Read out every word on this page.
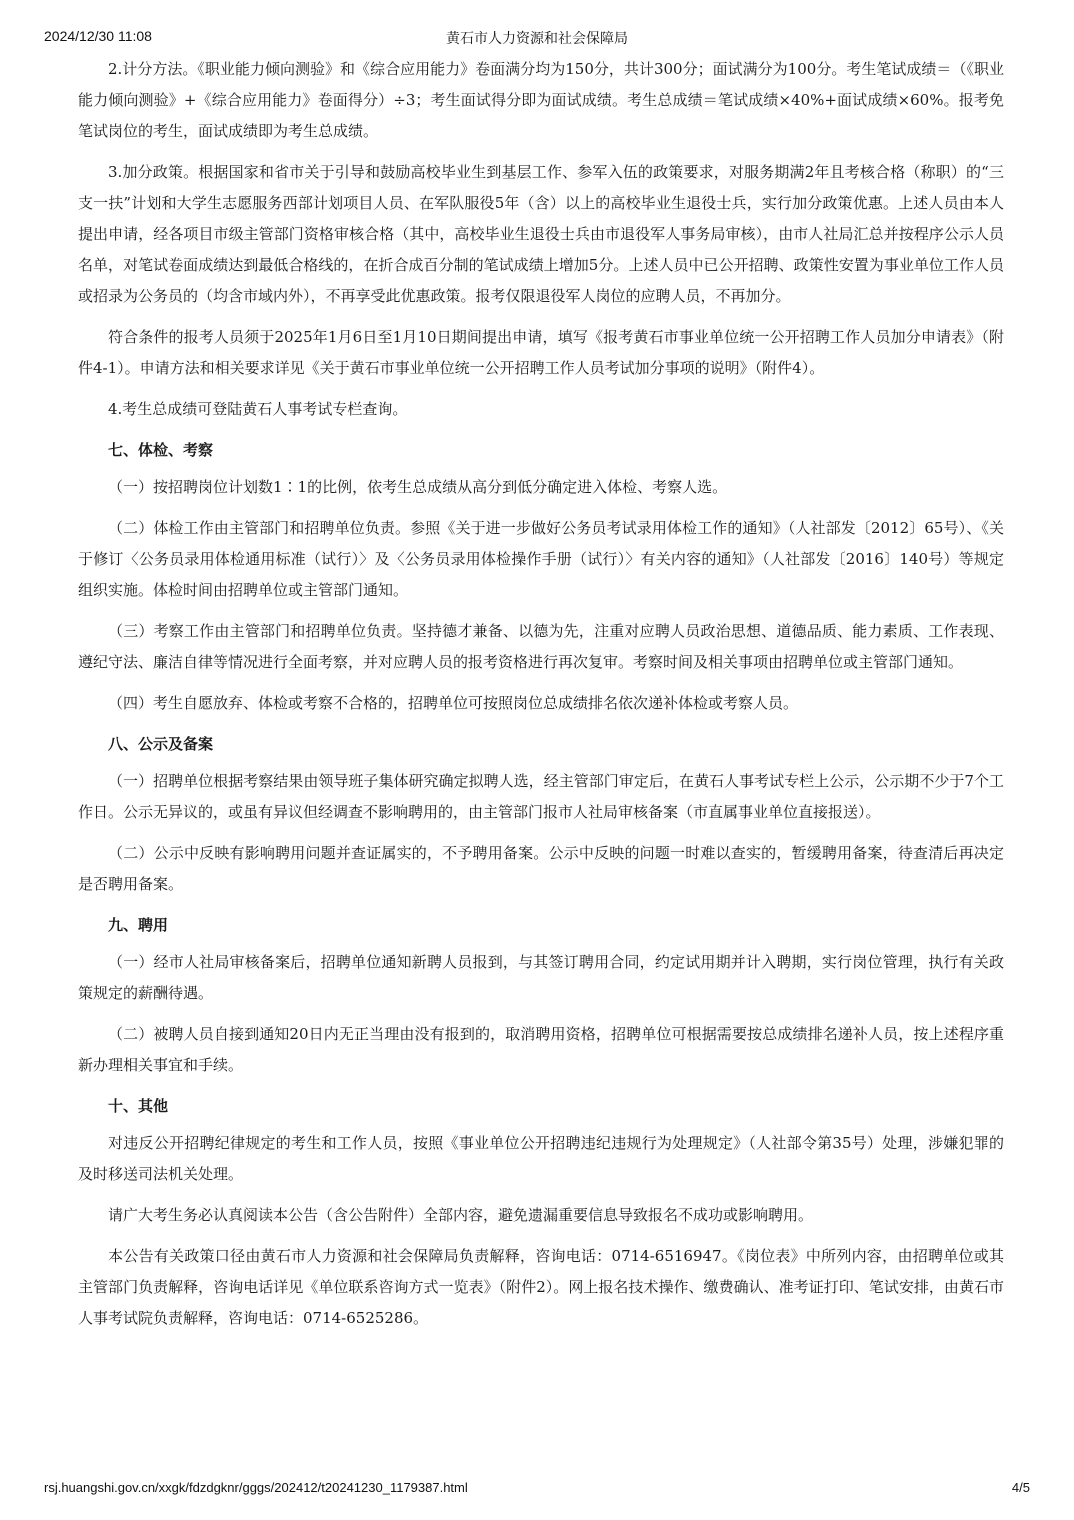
2024/12/30 11:08	黄石市人力资源和社会保障局

2.计分方法。《职业能力倾向测验》和《综合应用能力》卷面满分均为150分，共计300分；面试满分为100分。考生笔试成绩＝（《职业能力倾向测验》+《综合应用能力》卷面得分）÷3；考生面试得分即为面试成绩。考生总成绩＝笔试成绩×40%+面试成绩×60%。报考免笔试岗位的考生，面试成绩即为考生总成绩。

3.加分政策。根据国家和省市关于引导和鼓励高校毕业生到基层工作、参军入伍的政策要求，对服务期满2年且考核合格（称职）的“三支一扶”计划和大学生志愿服务西部计划项目人员、在军队服役5年（含）以上的高校毕业生退役士兵，实行加分政策优惠。上述人员由本人提出申请，经各项目市级主管部门资格审核合格（其中，高校毕业生退役士兵由市退役军人事务局审核），由市人社局汇总并按程序公示人员名单，对笔试卷面成绩达到最低合格线的，在折合成百分制的笔试成绩上增加5分。上述人员中已公开招聘、政策性安置为事业单位工作人员或招录为公务员的（均含市域内外），不再享受此优惠政策。报考仅限退役军人岗位的应聘人员，不再加分。

符合条件的报考人员须于2025年1月6日至1月10日期间提出申请，填写《报考黄石市事业单位统一公开招聘工作人员加分申请表》（附件4-1）。申请方法和相关要求详见《关于黄石市事业单位统一公开招聘工作人员考试加分事项的说明》（附件4）。

4.考生总成绩可登陆黄石人事考试专栏查询。

七、体检、考察

（一）按招聘岗位计划数1∶1的比例，依考生总成绩从高分到低分确定进入体检、考察人选。

（二）体检工作由主管部门和招聘单位负责。参照《关于进一步做好公务员考试录用体检工作的通知》（人社部发〔2012〕65号）、《关于修订〈公务员录用体检通用标准（试行）〉及〈公务员录用体检操作手册（试行）〉有关内容的通知》（人社部发〔2016〕140号）等规定组织实施。体检时间由招聘单位或主管部门通知。

（三）考察工作由主管部门和招聘单位负责。坚持德才兼备、以德为先，注重对应聘人员政治思想、道德品质、能力素质、工作表现、遵纪守法、廉洁自律等情况进行全面考察，并对应聘人员的报考资格进行再次复审。考察时间及相关事项由招聘单位或主管部门通知。

（四）考生自愿放弃、体检或考察不合格的，招聘单位可按照岗位总成绩排名依次递补体检或考察人员。

八、公示及备案

（一）招聘单位根据考察结果由领导班子集体研究确定拟聘人选，经主管部门审定后，在黄石人事考试专栏上公示，公示期不少于7个工作日。公示无异议的，或虽有异议但经调查不影响聘用的，由主管部门报市人社局审核备案（市直属事业单位直接报送）。

（二）公示中反映有影响聘用问题并查证属实的，不予聘用备案。公示中反映的问题一时难以查实的，暂缓聘用备案，待查清后再决定是否聘用备案。

九、聘用

（一）经市人社局审核备案后，招聘单位通知新聘人员报到，与其签订聘用合同，约定试用期并计入聘期，实行岗位管理，执行有关政策规定的薪酬待遇。

（二）被聘人员自接到通知20日内无正当理由没有报到的，取消聘用资格，招聘单位可根据需要按总成绩排名递补人员，按上述程序重新办理相关事宜和手续。

十、其他

对违反公开招聘纪律规定的考生和工作人员，按照《事业单位公开招聘违纪违规行为处理规定》（人社部令第35号）处理，涉嫌犯罪的及时移送司法机关处理。

请广大考生务必认真阅读本公告（含公告附件）全部内容，避免遗漏重要信息导致报名不成功或影响聘用。

本公告有关政策口径由黄石市人力资源和社会保障局负责解释，咨询电话：0714-6516947。《岗位表》中所列内容，由招聘单位或其主管部门负责解释，咨询电话详见《单位联系咨询方式一览表》（附件2）。网上报名技术操作、缴费确认、准考证打印、笔试安排，由黄石市人事考试院负责解释，咨询电话：0714-6525286。

rsj.huangshi.gov.cn/xxgk/fdzdgknr/gggs/202412/t20241230_1179387.html	4/5
